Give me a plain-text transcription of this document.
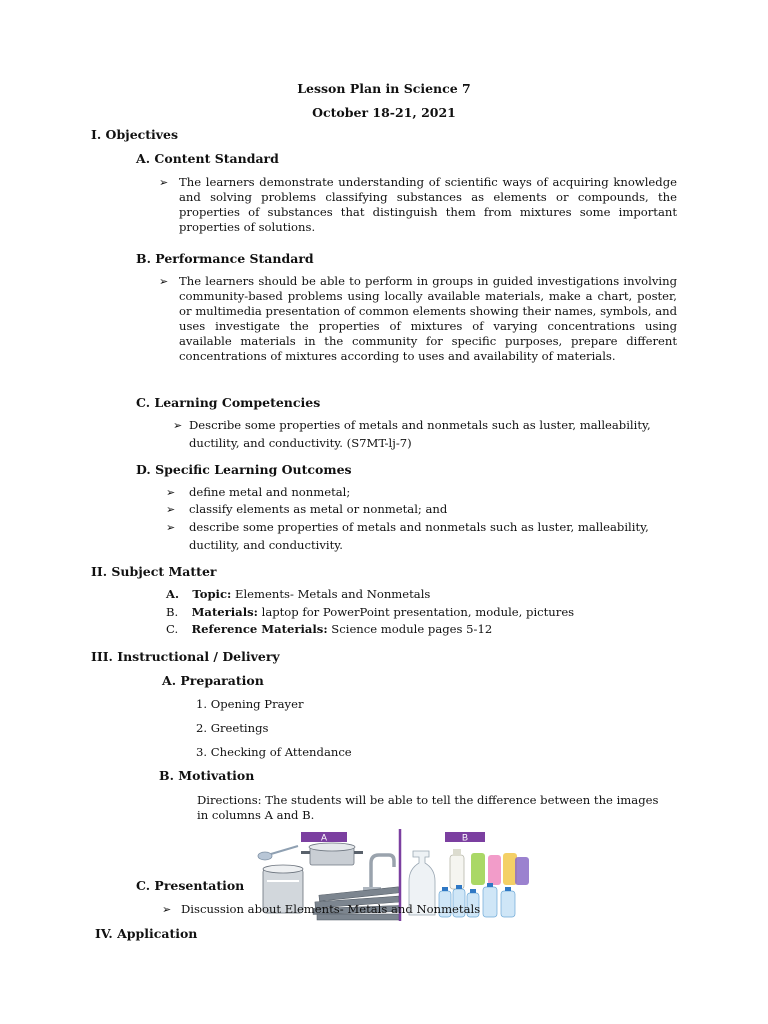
Lesson Plan in Science 7
October 18-21, 2021
I. Objectives
A. Content Standard
➢ The learners demonstrate understanding of scientific ways of acquiring knowledge and solving problems classifying substances as elements or compounds, the properties of substances that distinguish them from mixtures some important properties of solutions.

B. Performance Standard
➢ The learners should be able to perform in groups in guided investigations involving community-based problems using locally available materials, make a chart, poster, or multimedia presentation of common elements showing their names, symbols, and uses investigate the properties of mixtures of varying concentrations using available materials in the community for specific purposes, prepare different concentrations of mixtures according to uses and availability of materials.

C. Learning Competencies
➢ Describe some properties of metals and nonmetals such as luster, malleability,
ductility, and conductivity. (S7MT-lj-7)
D. Specific Learning Outcomes
➢ define metal and nonmetal;
➢ classify elements as metal or nonmetal; and
➢ describe some properties of metals and nonmetals such as luster, malleability,
ductility, and conductivity.
II. Subject Matter
A. Topic: Elements- Metals and Nonmetals
B. Materials: laptop for PowerPoint presentation, module, pictures
C. Reference Materials: Science module pages 5-12
III. Instructional / Delivery
A. Preparation
1. Opening Prayer
2. Greetings
3. Checking of Attendance
B. Motivation
Directions: The students will be able to tell the difference between the images
in columns A and B.
A	B
C. Presentation
➢ Discussion about Elements- Metals and Nonmetals
IV. Application
